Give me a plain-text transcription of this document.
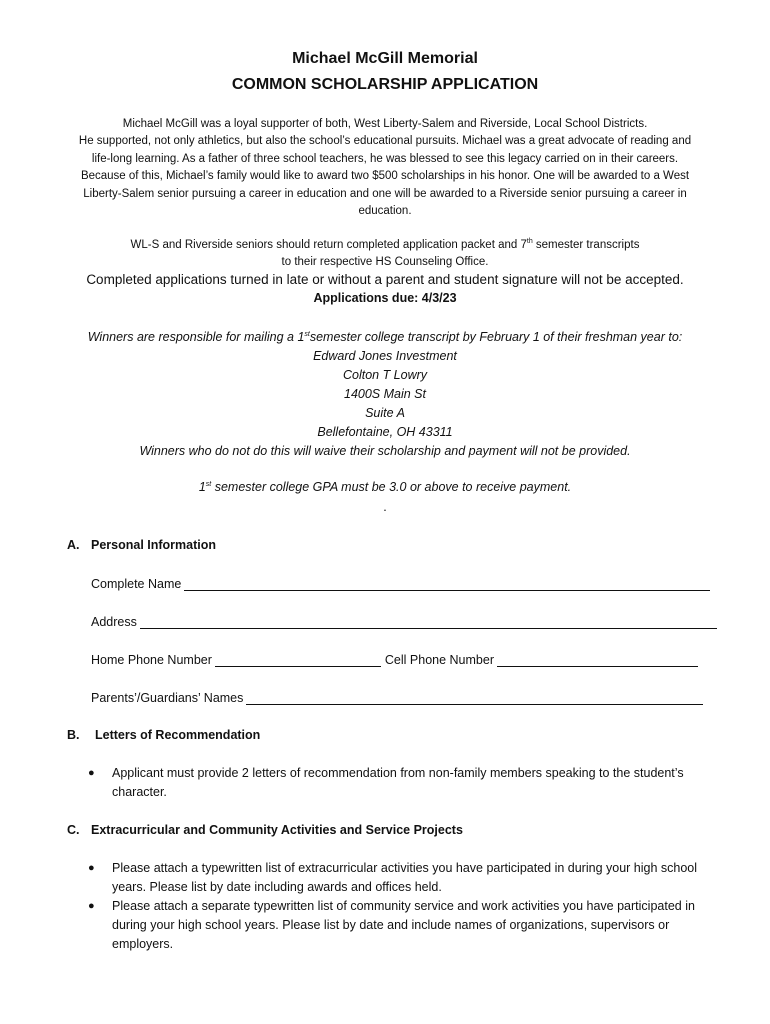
Michael McGill Memorial
COMMON SCHOLARSHIP APPLICATION
Michael McGill was a loyal supporter of both, West Liberty-Salem and Riverside, Local School Districts.
He supported, not only athletics, but also the school’s educational pursuits. Michael was a great advocate of reading and
life-long learning. As a father of three school teachers, he was blessed to see this legacy carried on in their careers.
Because of this, Michael’s family would like to award two $500 scholarships in his honor. One will be awarded to a West
Liberty-Salem senior pursuing a career in education and one will be awarded to a Riverside senior pursuing a career in
education.
WL-S and Riverside seniors should return completed application packet and 7th semester transcripts
to their respective HS Counseling Office.
Completed applications turned in late or without a parent and student signature will not be accepted.
Applications due: 4/3/23
Winners are responsible for mailing a 1stsemester college transcript by February 1 of their freshman year to:
Edward Jones Investment
Colton T Lowry
1400S Main St
Suite A
Bellefontaine, OH 43311
Winners who do not do this will waive their scholarship and payment will not be provided.
1st semester college GPA must be 3.0 or above to receive payment.
.
A. Personal Information
Complete Name
Address
Home Phone Number	Cell Phone Number
Parents’/Guardians’ Names
B. Letters of Recommendation
●	Applicant must provide 2 letters of recommendation from non-family members speaking to the student’s character.
C. Extracurricular and Community Activities and Service Projects
●	Please attach a typewritten list of extracurricular activities you have participated in during your high school years. Please list by date including awards and offices held.
●	Please attach a separate typewritten list of community service and work activities you have participated in during your high school years. Please list by date and include names of organizations, supervisors or employers.
